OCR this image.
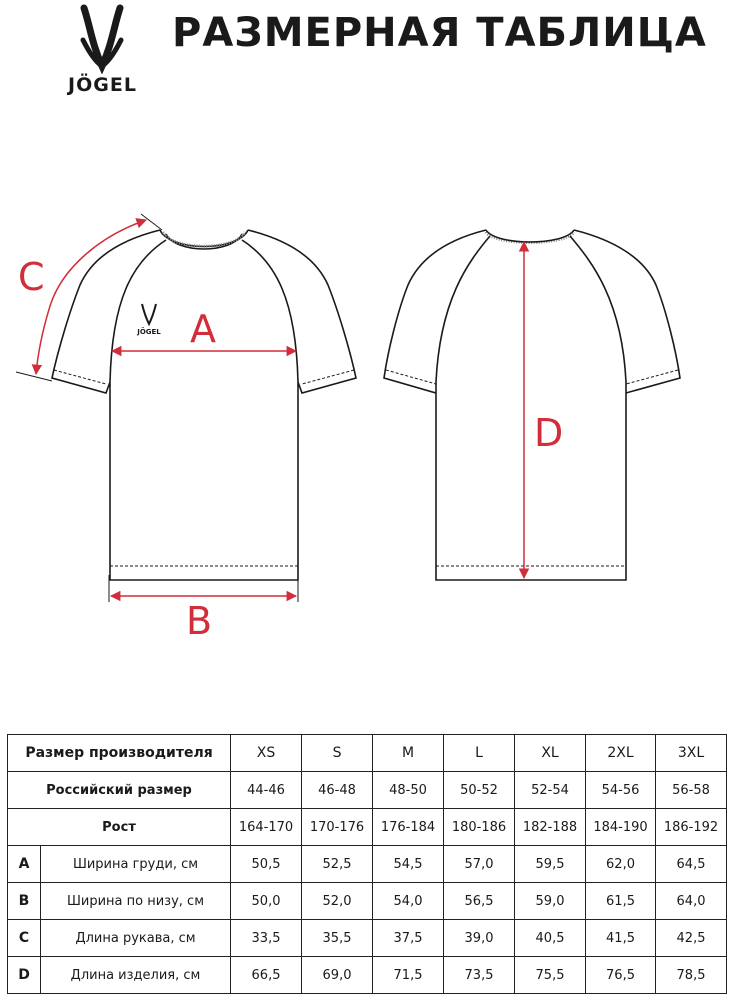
JÖGEL
РАЗМЕРНАЯ ТАБЛИЦА
JÖGEL A
B
C
D
Размер производителя		XS	S	M	L	XL	2XL	3XL
Российский размер		44-46	46-48	48-50	50-52	52-54	54-56	56-58
Рост		164-170	170-176	176-184	180-186	182-188	184-190	186-192
A	Ширина груди, см	50,5	52,5	54,5	57,0	59,5	62,0	64,5
B	Ширина по низу, см	50,0	52,0	54,0	56,5	59,0	61,5	64,0
C	Длина рукава, см	33,5	35,5	37,5	39,0	40,5	41,5	42,5
D	Длина изделия, см	66,5	69,0	71,5	73,5	75,5	76,5	78,5
